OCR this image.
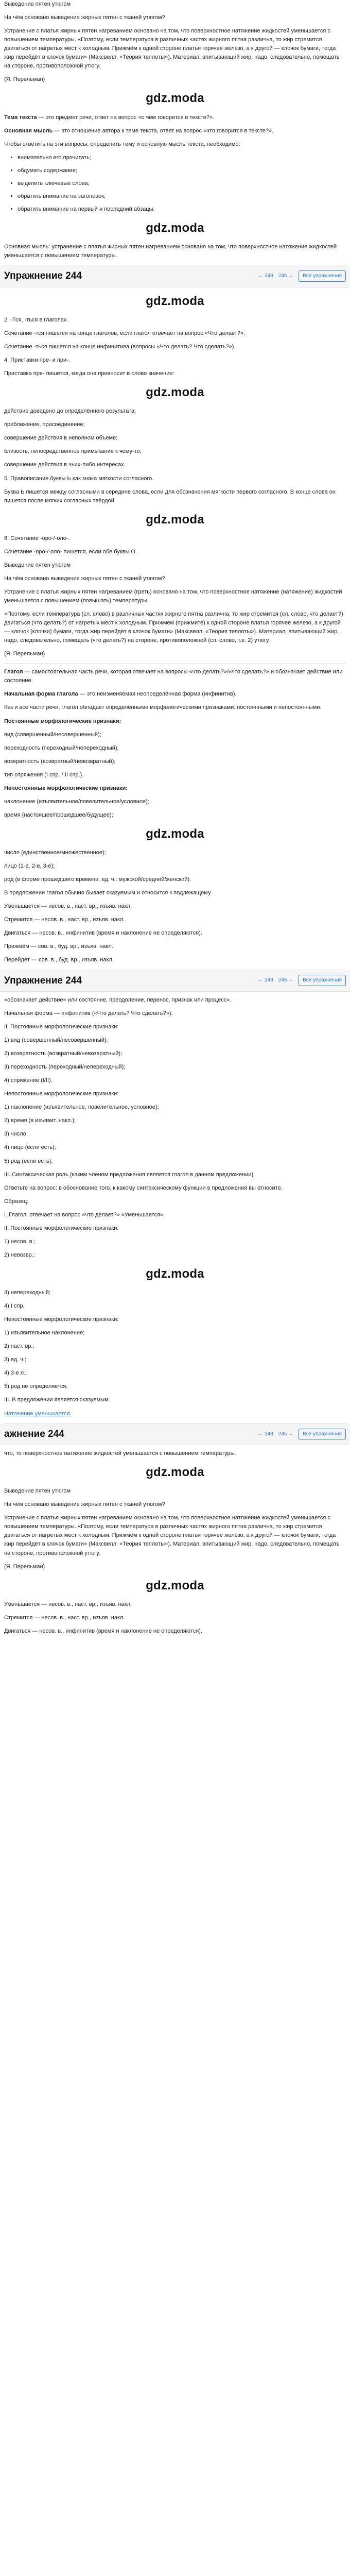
Выведение пятен утюгом

На чём основано выведение жирных пятен с тканей утюгом?

Устранение с платья жирных пятен нагреванием основано на том, что поверхностное натяжение жидкостей уменьшается с повышением температуры. «Поэтому, если температура в различных частях жирного пятна различна, то жир стремится двигаться от нагретых мест к холодным. Прижмём к одной стороне платья горячее железо, а к другой — клочок бумаги, тогда жир перейдёт в клочок бумаги» (Максвелл. «Теория теплоты»). Материал, впитывающий жир, надо, следовательно, помещать на стороне, противоположной утюгу.

(Я. Перельман)

gdz.moda

Тема текста — это предмет речи, ответ на вопрос «о чём говорится в тексте?».

Основная мысль — это отношение автора к теме текста, ответ на вопрос «что говорится в тексте?».

Чтобы ответить на эти вопросы, определить тему и основную мысль текста, необходимо:

• внимательно его прочитать;
• обдумать содержание;
• выделить ключевые слова;
• обратить внимание на заголовок;
• обратить внимание на первый и последний абзацы.
gdz.moda

Основная мысль: устранение с платья жирных пятен нагреванием основано на том, что поверхностное натяжение жидкостей уменьшается с повышением температуры.

Упражнение 244	← 243 245 →	Все упражнения
gdz.moda

2. -Тся, -ться в глаголах.

Сочетание -тся пишется на конце глаголов, если глагол отвечает на вопрос «Что делает?».

Сочетание -ться пишется на конце инфинитива (вопросы «Что делать? Что сделать?»).

4. Приставки пре- и при-.

Приставка пре- пишется, когда она привносит в слово значение:

gdz.moda

действие доведено до определённого результата;

приближение, присоединение;

совершение действия в неполном объеме;

близость, непосредственное примыкание к чему-то;

совершение действия в чьих-либо интересах.

5. Правописание буквы Ь как знака мягкости согласного.

Буква Ь пишется между согласными в середине слова, если для обозначения мягкости первого согласного. В конце слова он пишется после мягких согласных твёрдой.

gdz.moda

6. Сочетание -оро-/-оло-.

Сочетание -оро-/-оло- пишется, если обе буквы О.

Выведение пятен утюгом

На чём основано выведение жирных пятен с тканей утюгом?

Устранение с платья жирных пятен нагреванием (греть) основано на том, что поверхностное натяжение (натяжение) жидкостей уменьшается с повышением (повышать) температуры.

«Поэтому, если температура (сл. слово) в различных частях жирного пятна различна, то жир стремится (сл. слово, что делает?) двигаться (что делать?) от нагретых мест к холодным. Прижмём (прижмите) к одной стороне платья горячее железо, а к другой — клочок (клочки) бумаги, тогда жир перейдёт в клочок бумаги» (Максвелл. «Теория теплоты»). Материал, впитывающий жир, надо, следовательно, помещать (что делать?) на стороне, противоположной (сл. слово, т.е. 2) утюгу.

(Я. Перельман)

Глагол — самостоятельная часть речи, которая отвечает на вопросы «что делать?»/«что сделать?» и обозначает действие или состояние.

Начальная форма глагола — это неизменяемая неопределённая форма (инфинитив).

Как и все части речи, глагол обладает определёнными морфологическими признаками: постоянными и непостоянными.

Постоянные морфологические признаки:

вид (совершенный/несовершенный);

переходность (переходный/непереходный);

возвратность (возвратный/невозвратный);

тип спряжения (I спр. / II спр.).

Непостоянные морфологические признаки:

наклонение (изъявительное/повелительное/условное);

время (настоящее/прошедшее/будущее);

gdz.moda

число (единственное/множественное);

лицо (1-е, 2-е, 3-е);

род (в форме прошедшего времени, ед. ч.: мужской/средний/женский).

В предложении глагол обычно бывает сказуемым и относится к подлежащему.

Уменьшается — несов. в., наст. вр., изъяв. накл.

Стремится — несов. в., наст. вр., изъяв. накл.

Двигаться — несов. в., инфинитив (время и наклонение не определяются).

Прижмём — сов. в., буд. вр., изъяв. накл.

Перейдёт — сов. в., буд. вр., изъяв. накл.

Упражнение 244	← 243 245 →	Все упражнения

«обозначает действие» или состояние, преодоление, перенос, признак или процесс».

Начальная форма — инфинитив («Что делать? Что сделать?»).

II. Постоянные морфологические признаки:

1) вид (совершенный/несовершенный);

2) возвратность (возвратный/невозвратный);

3) переходность (переходный/непереходный);

4) спряжение (I/II).

Непостоянные морфологические признаки:

1) наклонение (изъявительное, повелительное, условное);

2) время (в изъявит. накл.);

3) число;

4) лицо (если есть);

5) род (если есть).

III. Синтаксическая роль (каким членом предложения является глагол в данном предложении).

Ответьте на вопрос: в обоснование того, к какому синтаксическому функции в предложения вы относите.

Образец:

I. Глагол, отвечает на вопрос «что делает?» «Уменьшается».

II. Постоянные морфологические признаки:

1) несов. в.;

2) невозвр.;

gdz.moda

3) непереходный;

4) I спр.

Непостоянные морфологические признаки:

1) изъявительное наклонение;

2) наст. вр.;

3) ед. ч.;

4) 3-е л.;

5) род не определяется.

III. В предложении является сказуемым.

Натяжение уменьшается.

ажнение 244	← 243 245 →	Все упражнения

что, то поверхностное натяжение жидкостей уменьшается с повышением температуры.

gdz.moda

Выведение пятен утюгом

На чём основано выведение жирных пятен с тканей утюгом?

Устранение с платья жирных пятен нагреванием основано на том, что поверхностное натяжение жидкостей уменьшается с повышением температуры. «Поэтому, если температура в различных частях жирного пятна различна, то жир стремится двигаться от нагретых мест к холодным. Прижмём к одной стороне платья горячее железо, а к другой — клочок бумаги, тогда жир перейдёт в клочок бумаги» (Максвелл. «Теория теплоты»). Материал, впитывающий жир, надо, следовательно, помещать на стороне, противоположной утюгу.

(Я. Перельман)

gdz.moda

Уменьшается — несов. в., наст. вр., изъяв. накл.

Стремится — несов. в., наст. вр., изъяв. накл.

Двигаться — несов. в., инфинитив (время и наклонение не определяются).
